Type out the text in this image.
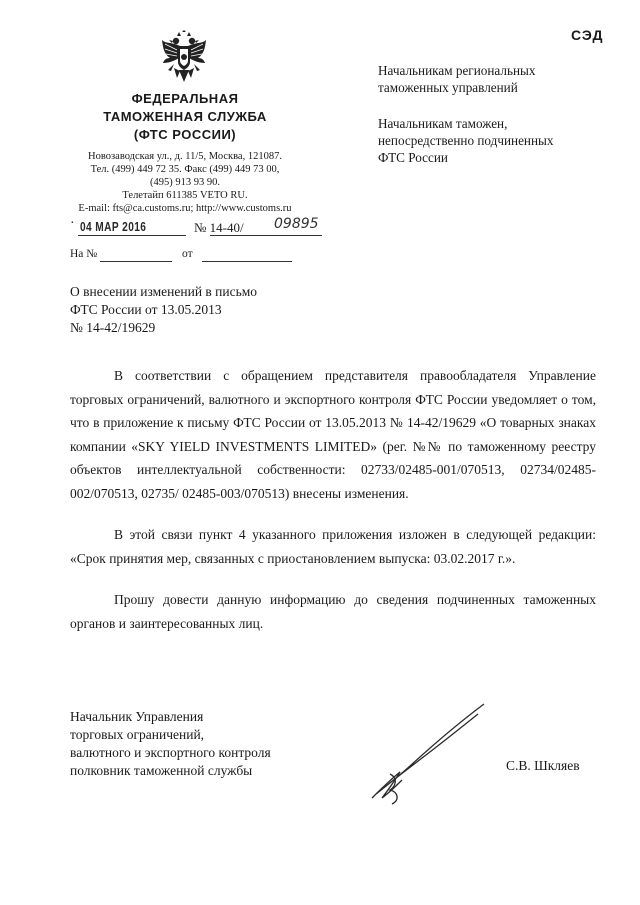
СЭД
ФЕДЕРАЛЬНАЯ
ТАМОЖЕННАЯ СЛУЖБА
(ФТС РОССИИ)
Новозаводская ул., д. 11/5, Москва, 121087.
Тел. (499) 449 72 35. Факс (499) 449 73 00,
(495) 913 93 90.
Телетайп 611385 VETO RU.
E-mail: fts@ca.customs.ru; http://www.customs.ru
· 04 МАР 2016	№ 14-40/ 09895
На №	от
Начальникам региональных
таможенных управлений
Начальникам таможен,
непосредственно подчиненных
ФТС России
О внесении изменений в письмо
ФТС России от 13.05.2013
№ 14-42/19629

В соответствии с обращением представителя правообладателя Управление торговых ограничений, валютного и экспортного контроля ФТС России уведомляет о том, что в приложение к письму ФТС России от 13.05.2013 № 14-42/19629 «О товарных знаках компании «SKY YIELD INVESTMENTS LIMITED» (рег. №№ по таможенному реестру объектов интеллектуальной собственности: 02733/02485-001/070513, 02734/02485-002/070513, 02735/ 02485-003/070513) внесены изменения.

В этой связи пункт 4 указанного приложения изложен в следующей редакции: «Срок принятия мер, связанных с приостановлением выпуска: 03.02.2017 г.».

Прошу довести данную информацию до сведения подчиненных таможенных органов и заинтересованных лиц.

Начальник Управления
торговых ограничений,
валютного и экспортного контроля
полковник таможенной службы	С.В. Шкляев
